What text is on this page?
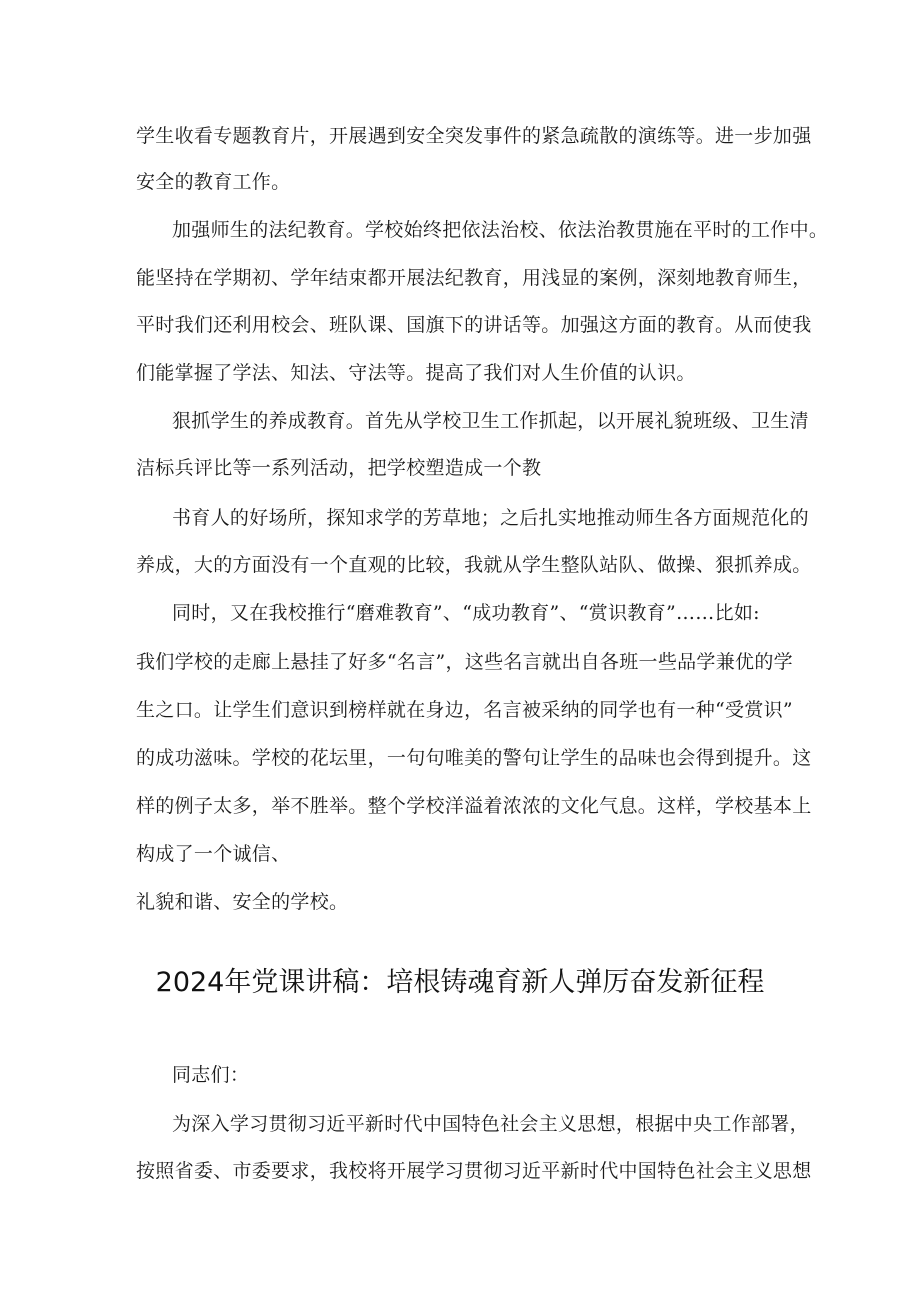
学生收看专题教育片，开展遇到安全突发事件的紧急疏散的演练等。进一步加强
安全的教育工作。
加强师生的法纪教育。学校始终把依法治校、依法治教贯施在平时的工作中。
能坚持在学期初、学年结束都开展法纪教育，用浅显的案例，深刻地教育师生，
平时我们还利用校会、班队课、国旗下的讲话等。加强这方面的教育。从而使我
们能掌握了学法、知法、守法等。提高了我们对人生价值的认识。
狠抓学生的养成教育。首先从学校卫生工作抓起，以开展礼貌班级、卫生清
洁标兵评比等一系列活动，把学校塑造成一个教
书育人的好场所，探知求学的芳草地；之后扎实地推动师生各方面规范化的
养成，大的方面没有一个直观的比较，我就从学生整队站队、做操、狠抓养成。
同时，又在我校推行“磨难教育”、“成功教育”、“赏识教育”……比如:
我们学校的走廊上悬挂了好多“名言”，这些名言就出自各班一些品学兼优的学
生之口。让学生们意识到榜样就在身边，名言被采纳的同学也有一种“受赏识”
的成功滋味。学校的花坛里，一句句唯美的警句让学生的品味也会得到提升。这
样的例子太多，举不胜举。整个学校洋溢着浓浓的文化气息。这样，学校基本上
构成了一个诚信、
礼貌和谐、安全的学校。
2024年党课讲稿：培根铸魂育新人弹厉奋发新征程
同志们：
为深入学习贯彻习近平新时代中国特色社会主义思想，根据中央工作部署，
按照省委、市委要求，我校将开展学习贯彻习近平新时代中国特色社会主义思想
